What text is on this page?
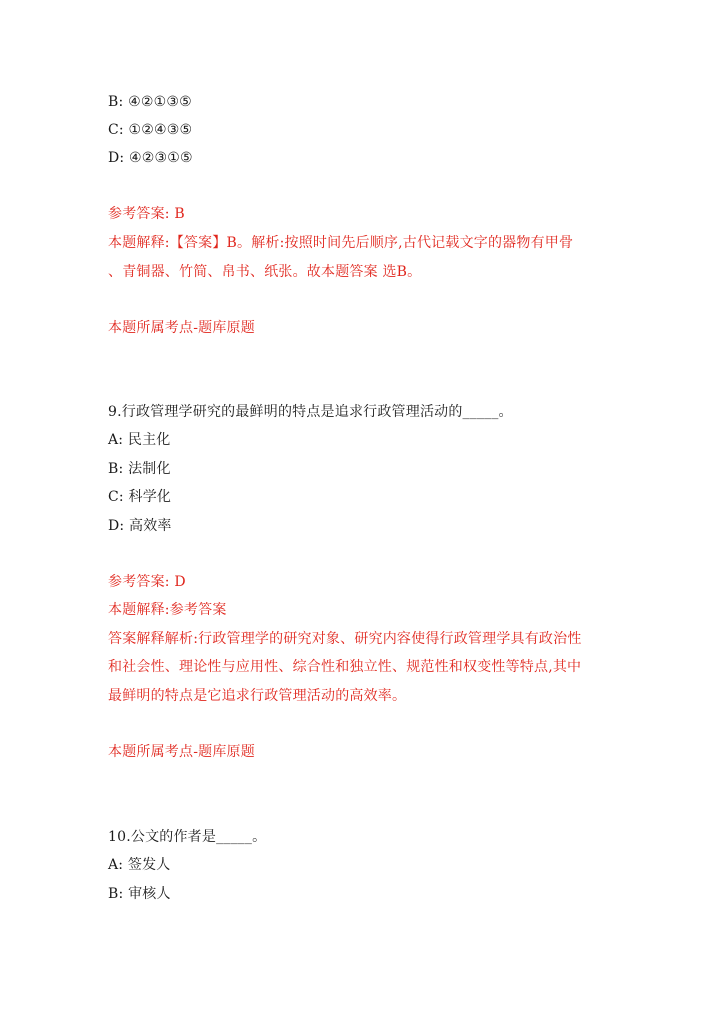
B: ④②①③⑤
C: ①②④③⑤
D: ④②③①⑤
参考答案: B
本题解释:【答案】B。解析:按照时间先后顺序,古代记载文字的器物有甲骨
、青铜器、竹简、帛书、纸张。故本题答案 选B。
本题所属考点-题库原题
9.行政管理学研究的最鲜明的特点是追求行政管理活动的_____。
A: 民主化
B: 法制化
C: 科学化
D: 高效率
参考答案: D
本题解释:参考答案
答案解释解析:行政管理学的研究对象、研究内容使得行政管理学具有政治性
和社会性、理论性与应用性、综合性和独立性、规范性和权变性等特点,其中
最鲜明的特点是它追求行政管理活动的高效率。
本题所属考点-题库原题
10.公文的作者是_____。
A: 签发人
B: 审核人
